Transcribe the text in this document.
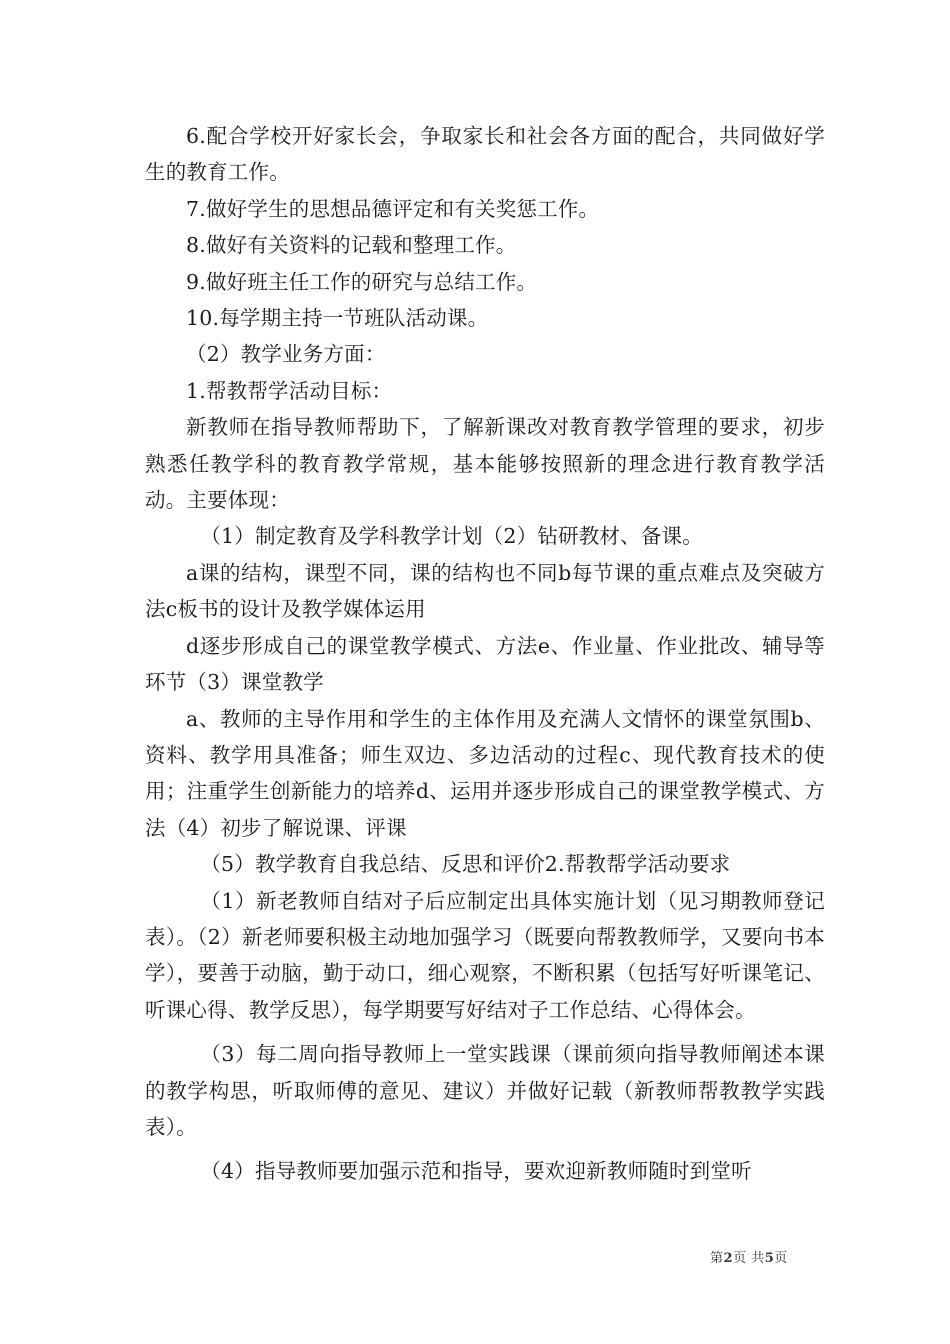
6.配合学校开好家长会，争取家长和社会各方面的配合，共同做好学生的教育工作。

7.做好学生的思想品德评定和有关奖惩工作。

8.做好有关资料的记载和整理工作。

9.做好班主任工作的研究与总结工作。

10.每学期主持一节班队活动课。

（2）教学业务方面：

1.帮教帮学活动目标：

新教师在指导教师帮助下，了解新课改对教育教学管理的要求，初步熟悉任教学科的教育教学常规，基本能够按照新的理念进行教育教学活动。主要体现：

（1）制定教育及学科教学计划（2）钻研教材、备课。

a课的结构，课型不同，课的结构也不同b每节课的重点难点及突破方法c板书的设计及教学媒体运用

d逐步形成自己的课堂教学模式、方法e、作业量、作业批改、辅导等环节（3）课堂教学

a、教师的主导作用和学生的主体作用及充满人文情怀的课堂氛围b、资料、教学用具准备；师生双边、多边活动的过程c、现代教育技术的使用；注重学生创新能力的培养d、运用并逐步形成自己的课堂教学模式、方法（4）初步了解说课、评课

（5）教学教育自我总结、反思和评价2.帮教帮学活动要求

（1）新老教师自结对子后应制定出具体实施计划（见习期教师登记表）。（2）新老师要积极主动地加强学习（既要向帮教教师学，又要向书本学），要善于动脑，勤于动口，细心观察，不断积累（包括写好听课笔记、听课心得、教学反思），每学期要写好结对子工作总结、心得体会。

（3）每二周向指导教师上一堂实践课（课前须向指导教师阐述本课的教学构思，听取师傅的意见、建议）并做好记载（新教师帮教教学实践表）。

（4）指导教师要加强示范和指导，要欢迎新教师随时到堂听

第2页 共5页
